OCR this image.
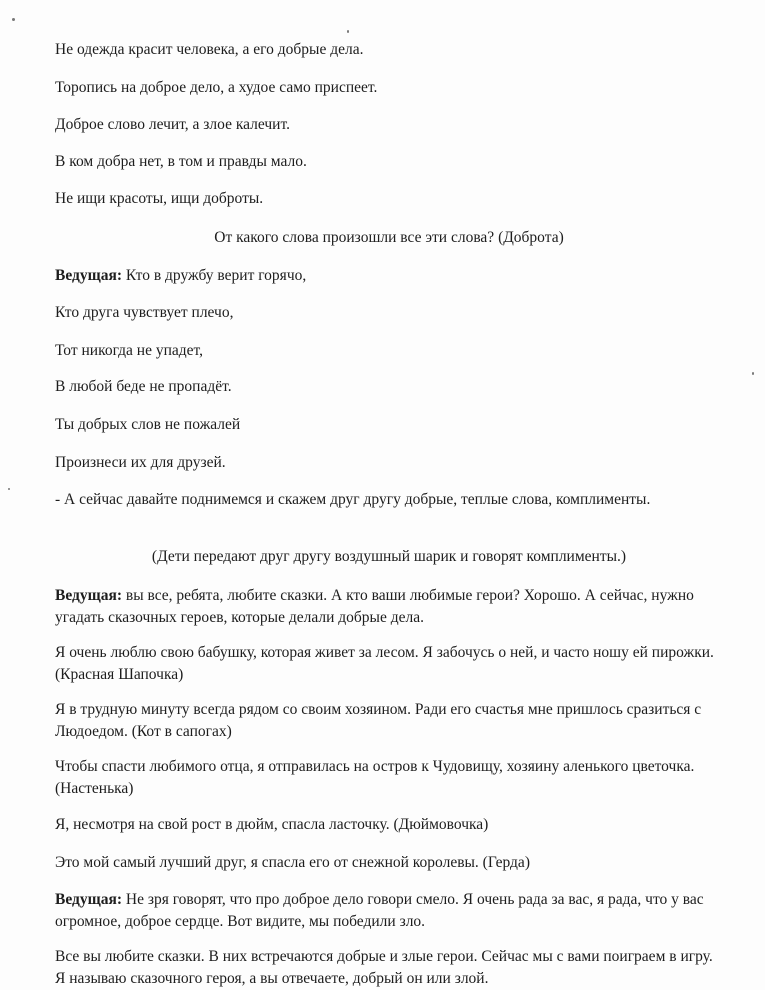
Не одежда красит человека, а его добрые дела.

Торопись на доброе дело, а худое само приспеет.

Доброе слово лечит, а злое калечит.

В ком добра нет, в том и правды мало.

Не ищи красоты, ищи доброты.

От какого слова произошли все эти слова? (Доброта)

Ведущая: Кто в дружбу верит горячо,

Кто друга чувствует плечо,

Тот никогда не упадет,

В любой беде не пропадёт.

Ты добрых слов не пожалей

Произнеси их для друзей.

- А сейчас давайте поднимемся и скажем друг другу добрые, теплые слова, комплименты.

(Дети передают друг другу воздушный шарик и говорят комплименты.)

Ведущая: вы все, ребята, любите сказки. А кто ваши любимые герои? Хорошо. А сейчас, нужно угадать сказочных героев, которые делали добрые дела.

Я очень люблю свою бабушку, которая живет за лесом. Я забочусь о ней, и часто ношу ей пирожки. (Красная Шапочка)

Я в трудную минуту всегда рядом со своим хозяином. Ради его счастья мне пришлось сразиться с Людоедом. (Кот в сапогах)

Чтобы спасти любимого отца, я отправилась на остров к Чудовищу, хозяину аленького цветочка. (Настенька)

Я, несмотря на свой рост в дюйм, спасла ласточку. (Дюймовочка)

Это мой самый лучший друг, я спасла его от снежной королевы. (Герда)

Ведущая: Не зря говорят, что про доброе дело говори смело. Я очень рада за вас, я рада, что у вас огромное, доброе сердце. Вот видите, мы победили зло.

Все вы любите сказки. В них встречаются добрые и злые герои. Сейчас мы с вами поиграем в игру. Я называю сказочного героя, а вы отвечаете, добрый он или злой.
